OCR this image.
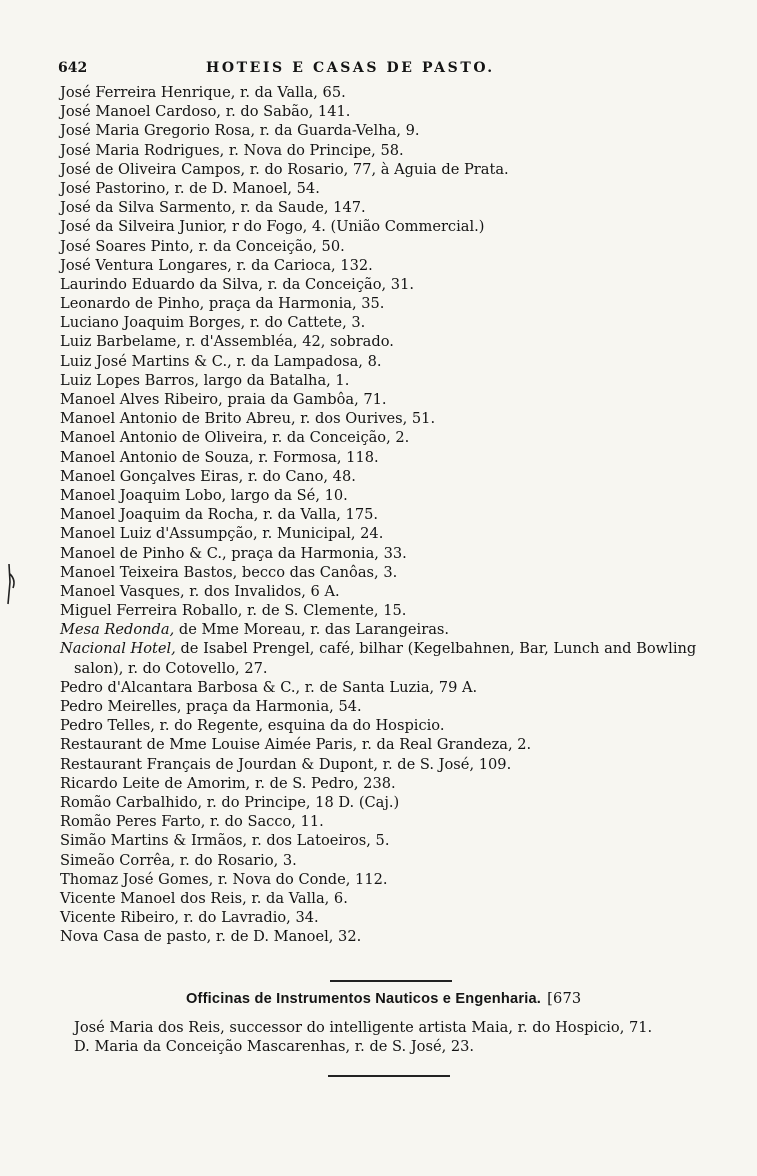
642	HOTEIS E CASAS DE PASTO.
José Ferreira Henrique, r. da Valla, 65.
José Manoel Cardoso, r. do Sabão, 141.
José Maria Gregorio Rosa, r. da Guarda-Velha, 9.
José Maria Rodrigues, r. Nova do Principe, 58.
José de Oliveira Campos, r. do Rosario, 77, à Aguia de Prata.
José Pastorino, r. de D. Manoel, 54.
José da Silva Sarmento, r. da Saude, 147.
José da Silveira Junior, r do Fogo, 4. (União Commercial.)
José Soares Pinto, r. da Conceição, 50.
José Ventura Longares, r. da Carioca, 132.
Laurindo Eduardo da Silva, r. da Conceição, 31.
Leonardo de Pinho, praça da Harmonia, 35.
Luciano Joaquim Borges, r. do Cattete, 3.
Luiz Barbelame, r. d'Assembléa, 42, sobrado.
Luiz José Martins & C., r. da Lampadosa, 8.
Luiz Lopes Barros, largo da Batalha, 1.
Manoel Alves Ribeiro, praia da Gambôa, 71.
Manoel Antonio de Brito Abreu, r. dos Ourives, 51.
Manoel Antonio de Oliveira, r. da Conceição, 2.
Manoel Antonio de Souza, r. Formosa, 118.
Manoel Gonçalves Eiras, r. do Cano, 48.
Manoel Joaquim Lobo, largo da Sé, 10.
Manoel Joaquim da Rocha, r. da Valla, 175.
Manoel Luiz d'Assumpção, r. Municipal, 24.
Manoel de Pinho & C., praça da Harmonia, 33.
Manoel Teixeira Bastos, becco das Canôas, 3.
Manoel Vasques, r. dos Invalidos, 6 A.
Miguel Ferreira Roballo, r. de S. Clemente, 15.
Mesa Redonda, de Mme Moreau, r. das Larangeiras.
Nacional Hotel, de Isabel Prengel, café, bilhar (Kegelbahnen, Bar, Lunch and Bowling salon), r. do Cotovello, 27.
Pedro d'Alcantara Barbosa & C., r. de Santa Luzia, 79 A.
Pedro Meirelles, praça da Harmonia, 54.
Pedro Telles, r. do Regente, esquina da do Hospicio.
Restaurant de Mme Louise Aimée Paris, r. da Real Grandeza, 2.
Restaurant Français de Jourdan & Dupont, r. de S. José, 109.
Ricardo Leite de Amorim, r. de S. Pedro, 238.
Romão Carbalhido, r. do Principe, 18 D. (Caj.)
Romão Peres Farto, r. do Sacco, 11.
Simão Martins & Irmãos, r. dos Latoeiros, 5.
Simeão Corrêa, r. do Rosario, 3.
Thomaz José Gomes, r. Nova do Conde, 112.
Vicente Manoel dos Reis, r. da Valla, 6.
Vicente Ribeiro, r. do Lavradio, 34.
Nova Casa de pasto, r. de D. Manoel, 32.
Officinas de Instrumentos Nauticos e Engenharia. [673
José Maria dos Reis, successor do intelligente artista Maia, r. do Hospicio, 71.
D. Maria da Conceição Mascarenhas, r. de S. José, 23.
